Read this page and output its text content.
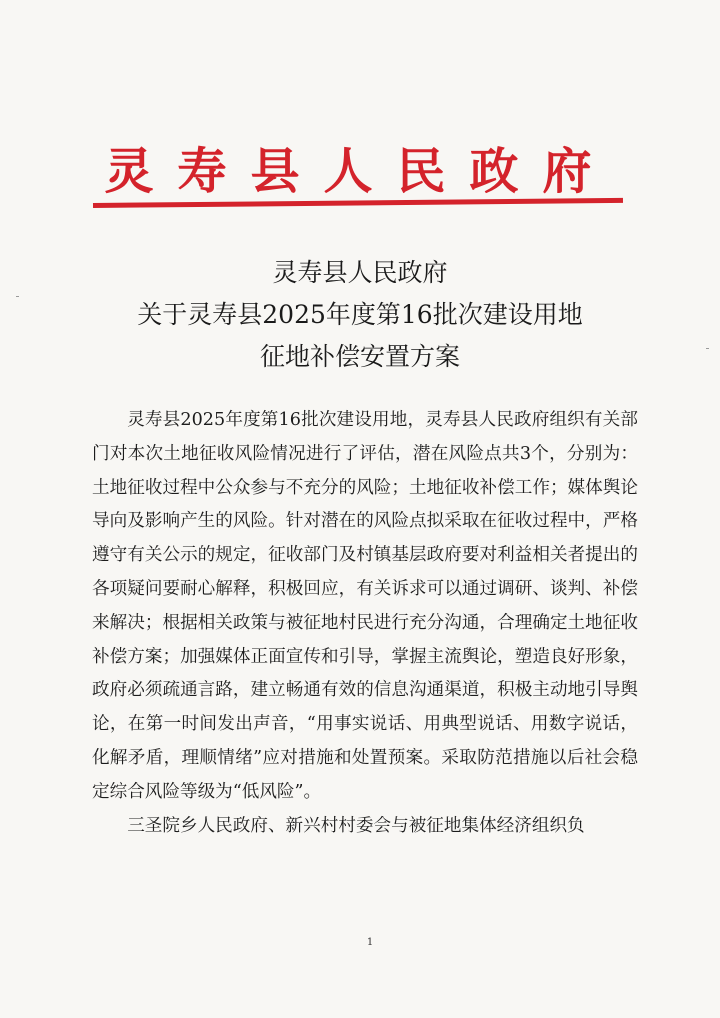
灵寿县人民政府
灵寿县人民政府
关于灵寿县2025年度第16批次建设用地
征地补偿安置方案

灵寿县2025年度第16批次建设用地，灵寿县人民政府组织有关部门对本次土地征收风险情况进行了评估，潜在风险点共3个，分别为：土地征收过程中公众参与不充分的风险；土地征收补偿工作；媒体舆论导向及影响产生的风险。针对潜在的风险点拟采取在征收过程中，严格遵守有关公示的规定，征收部门及村镇基层政府要对利益相关者提出的各项疑问要耐心解释，积极回应，有关诉求可以通过调研、谈判、补偿来解决；根据相关政策与被征地村民进行充分沟通，合理确定土地征收补偿方案；加强媒体正面宣传和引导，掌握主流舆论，塑造良好形象，政府必须疏通言路，建立畅通有效的信息沟通渠道，积极主动地引导舆论，在第一时间发出声音，“用事实说话、用典型说话、用数字说话，化解矛盾，理顺情绪”应对措施和处置预案。采取防范措施以后社会稳定综合风险等级为“低风险”。

三圣院乡人民政府、新兴村村委会与被征地集体经济组织负

1
